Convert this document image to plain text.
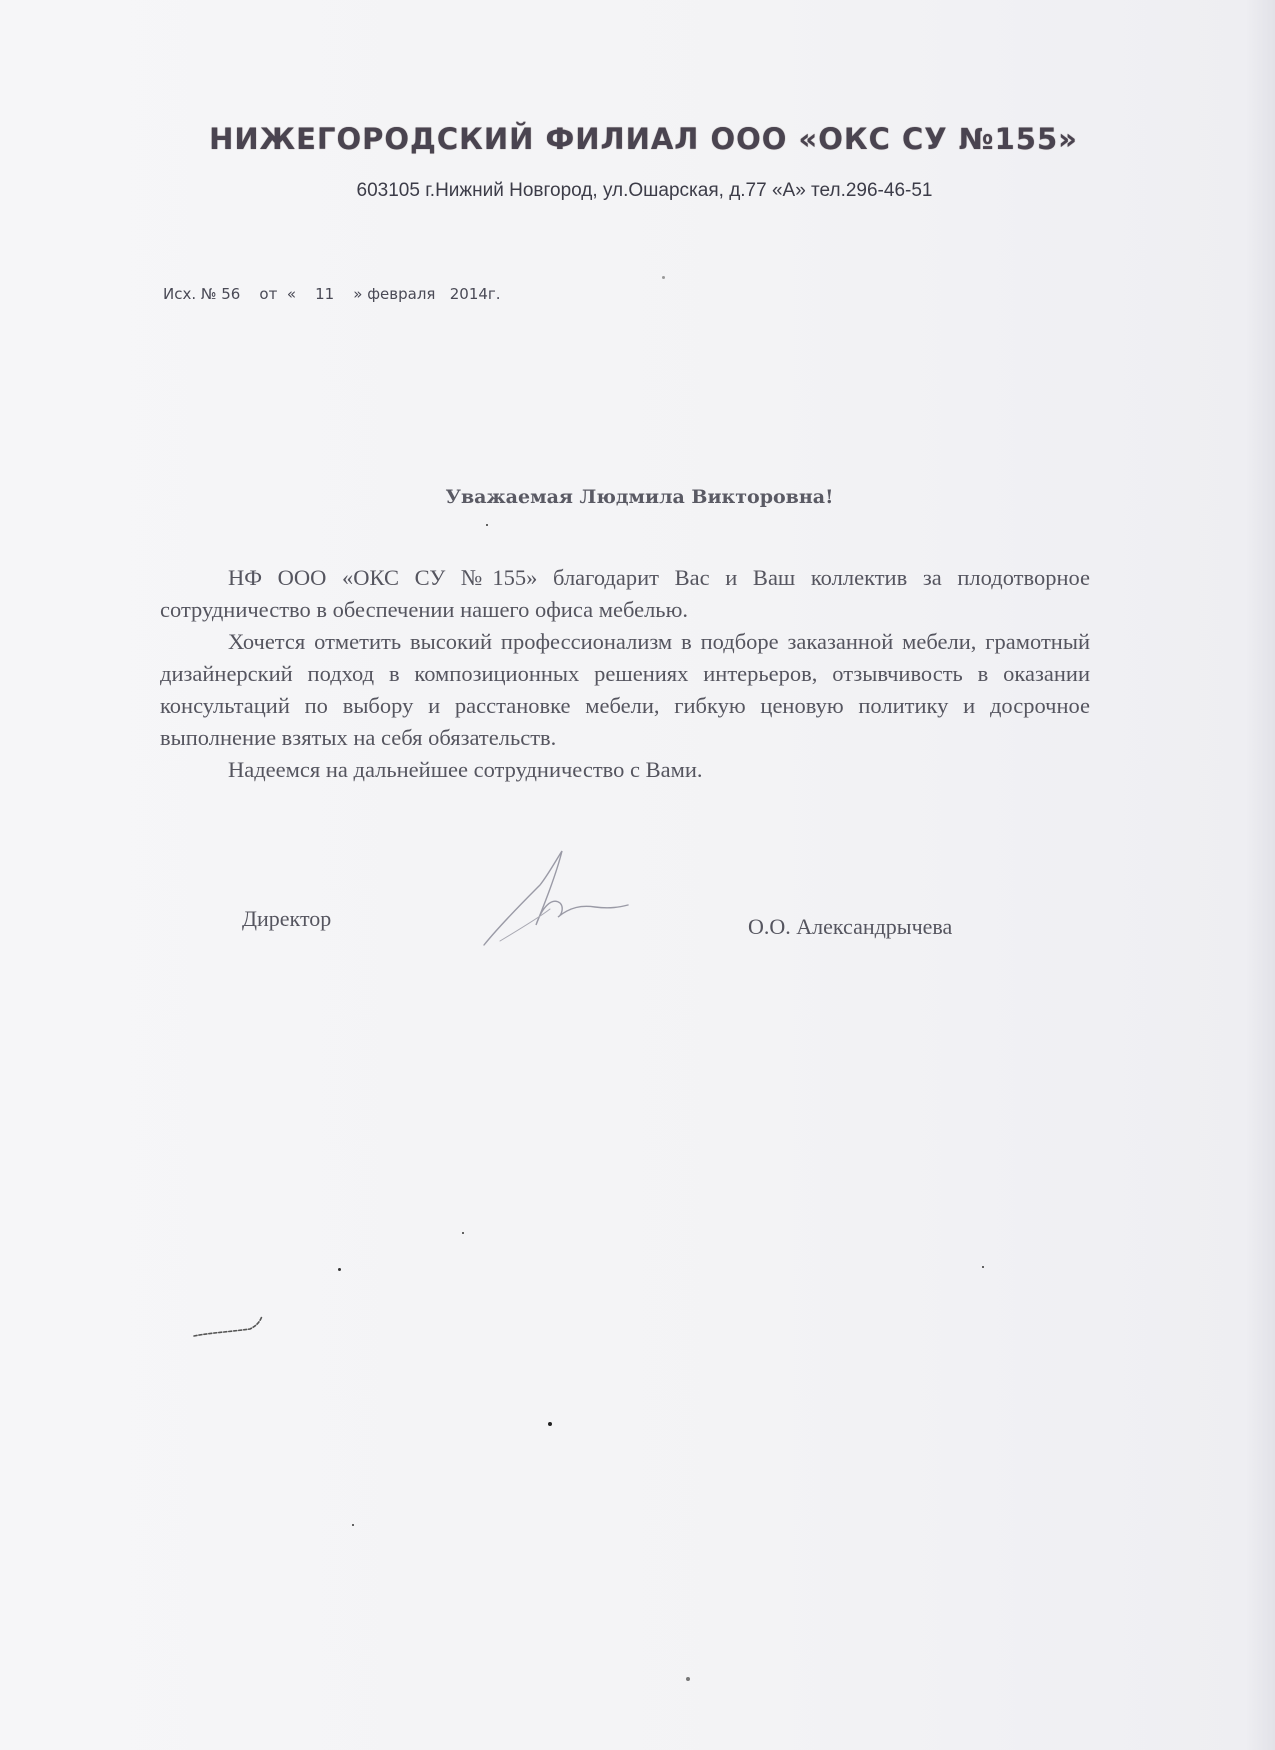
НИЖЕГОРОДСКИЙ ФИЛИАЛ ООО «ОКС СУ №155»
603105 г.Нижний Новгород, ул.Ошарская, д.77 «А» тел.296-46-51
Исх. № 56    от  «    11    » февраля   2014г.
Уважаемая Людмила Викторовна!

НФ ООО «ОКС СУ №155» благодарит Вас и Ваш коллектив за плодотворное сотрудничество в обеспечении нашего офиса мебелью.

Хочется отметить высокий профессионализм в подборе заказанной мебели, грамотный дизайнерский подход в композиционных решениях интерьеров, отзывчивость в оказании консультаций по выбору и расстановке мебели, гибкую ценовую политику и досрочное выполнение взятых на себя обязательств.

Надеемся на дальнейшее сотрудничество с Вами.

Директор	О.О. Александрычева
